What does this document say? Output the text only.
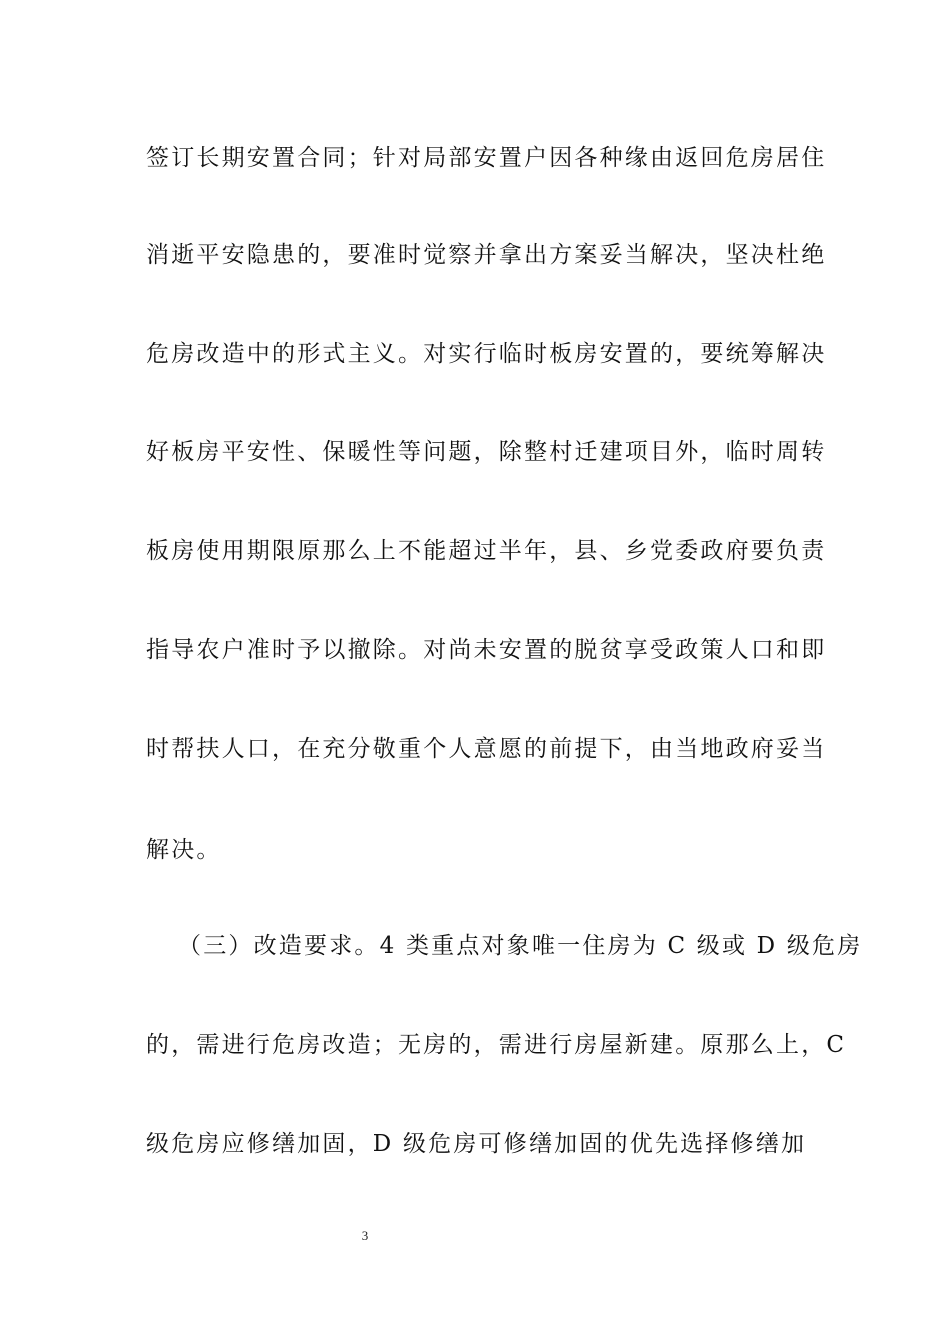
签订长期安置合同；针对局部安置户因各种缘由返回危房居住
消逝平安隐患的，要准时觉察并拿出方案妥当解决，坚决杜绝
危房改造中的形式主义。对实行临时板房安置的，要统筹解决
好板房平安性、保暖性等问题，除整村迁建项目外，临时周转
板房使用期限原那么上不能超过半年，县、乡党委政府要负责
指导农户准时予以撤除。对尚未安置的脱贫享受政策人口和即
时帮扶人口，在充分敬重个人意愿的前提下，由当地政府妥当
解决。
（三）改造要求。4 类重点对象唯一住房为 C 级或 D 级危房
的，需进行危房改造；无房的，需进行房屋新建。原那么上，C
级危房应修缮加固，D 级危房可修缮加固的优先选择修缮加
3
